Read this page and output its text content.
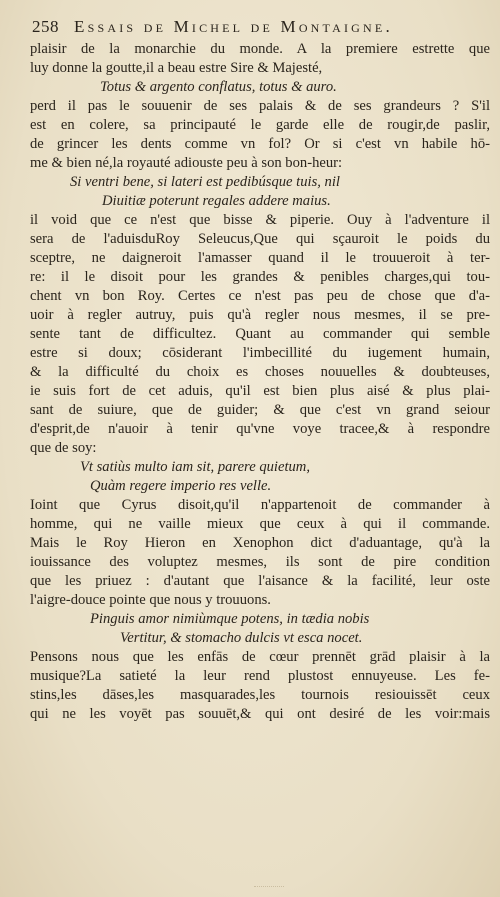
258 Essais de Michel de Montaigne.
plaisir de la monarchie du monde. A la premiere estrette que
luy donne la goutte,il a beau estre Sire & Majesté,
Totus & argento conflatus, totus & auro.
perd il pas le souuenir de ses palais & de ses grandeurs ? S'il
est en colere, sa principauté le garde elle de rougir,de paslir,
de grincer les dents comme vn fol? Or si c'est vn habile hō-
me & bien né,la royauté adiouste peu à son bon-heur:
Si ventri bene, si lateri est pedibúsque tuis, nil
Diuitiæ poterunt regales addere maius.
il void que ce n'est que bisse & piperie. Ouy à l'adventure il
sera de l'aduisduRoy Seleucus,Que qui sçauroit le poids du
sceptre, ne daigneroit l'amasser quand il le trouueroit à ter-
re: il le disoit pour les grandes & penibles charges,qui tou-
chent vn bon Roy. Certes ce n'est pas peu de chose que d'a-
uoir à regler autruy, puis qu'à regler nous mesmes, il se pre-
sente tant de difficultez. Quant au commander qui semble
estre si doux; cōsiderant l'imbecillité du iugement humain,
& la difficulté du choix es choses nouuelles & doubteuses,
ie suis fort de cet aduis, qu'il est bien plus aisé & plus plai-
sant de suiure, que de guider; & que c'est vn grand seiour
d'esprit,de n'auoir à tenir qu'vne voye tracee,& à respondre
que de soy:
Vt satiùs multo iam sit, parere quietum,
Quàm regere imperio res velle.
Ioint que Cyrus disoit,qu'il n'appartenoit de commander à
homme, qui ne vaille mieux que ceux à qui il commande.
Mais le Roy Hieron en Xenophon dict d'aduantage, qu'à la
iouissance des voluptez mesmes, ils sont de pire condition
que les priuez : d'autant que l'aisance & la facilité, leur oste
l'aigre-douce pointe que nous y trouuons.
Pinguis amor nimiùmque potens, in tædia nobis
Vertitur, & stomacho dulcis vt esca nocet.
Pensons nous que les enfās de cœur prennēt grād plaisir à la
musique?La satieté la leur rend plustost ennuyeuse. Les fe-
stins,les dāses,les masquarades,les tournois resiouissēt ceux
qui ne les voyēt pas souuēt,& qui ont desiré de les voir:mais
